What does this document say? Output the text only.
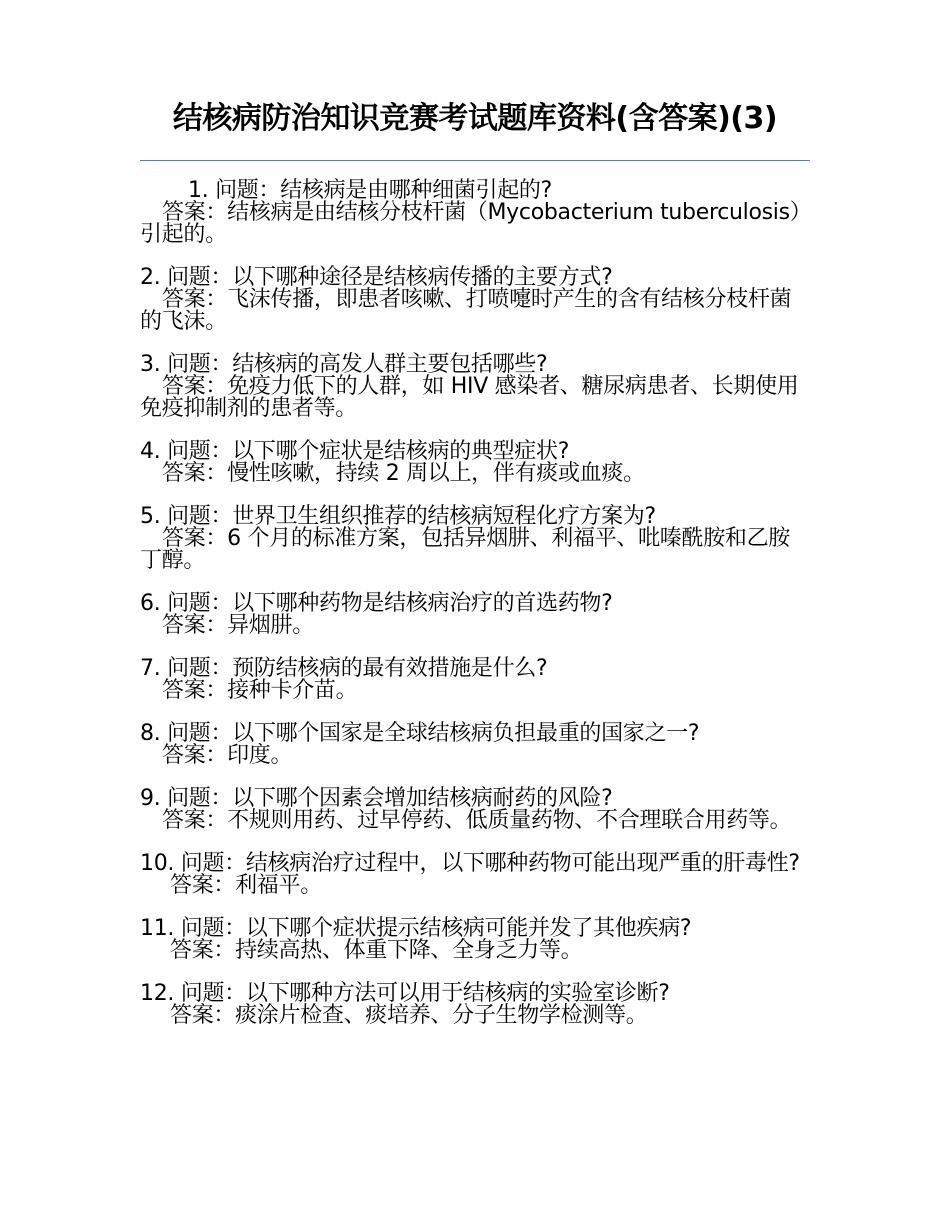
结核病防治知识竞赛考试题库资料(含答案)(3)
1. 问题：结核病是由哪种细菌引起的?
答案：结核病是由结核分枝杆菌（Mycobacterium tuberculosis）引起的。
2. 问题：以下哪种途径是结核病传播的主要方式?
答案：飞沫传播，即患者咳嗽、打喷嚏时产生的含有结核分枝杆菌的飞沫。
3. 问题：结核病的高发人群主要包括哪些?
答案：免疫力低下的人群，如 HIV 感染者、糖尿病患者、长期使用免疫抑制剂的患者等。
4. 问题：以下哪个症状是结核病的典型症状?
答案：慢性咳嗽，持续 2 周以上，伴有痰或血痰。
5. 问题：世界卫生组织推荐的结核病短程化疗方案为?
答案：6 个月的标准方案，包括异烟肼、利福平、吡嗪酰胺和乙胺丁醇。
6. 问题：以下哪种药物是结核病治疗的首选药物?
答案：异烟肼。
7. 问题：预防结核病的最有效措施是什么?
答案：接种卡介苗。
8. 问题：以下哪个国家是全球结核病负担最重的国家之一?
答案：印度。
9. 问题：以下哪个因素会增加结核病耐药的风险?
答案：不规则用药、过早停药、低质量药物、不合理联合用药等。
10. 问题：结核病治疗过程中，以下哪种药物可能出现严重的肝毒性?
答案：利福平。
11. 问题：以下哪个症状提示结核病可能并发了其他疾病?
答案：持续高热、体重下降、全身乏力等。
12. 问题：以下哪种方法可以用于结核病的实验室诊断?
答案：痰涂片检查、痰培养、分子生物学检测等。
